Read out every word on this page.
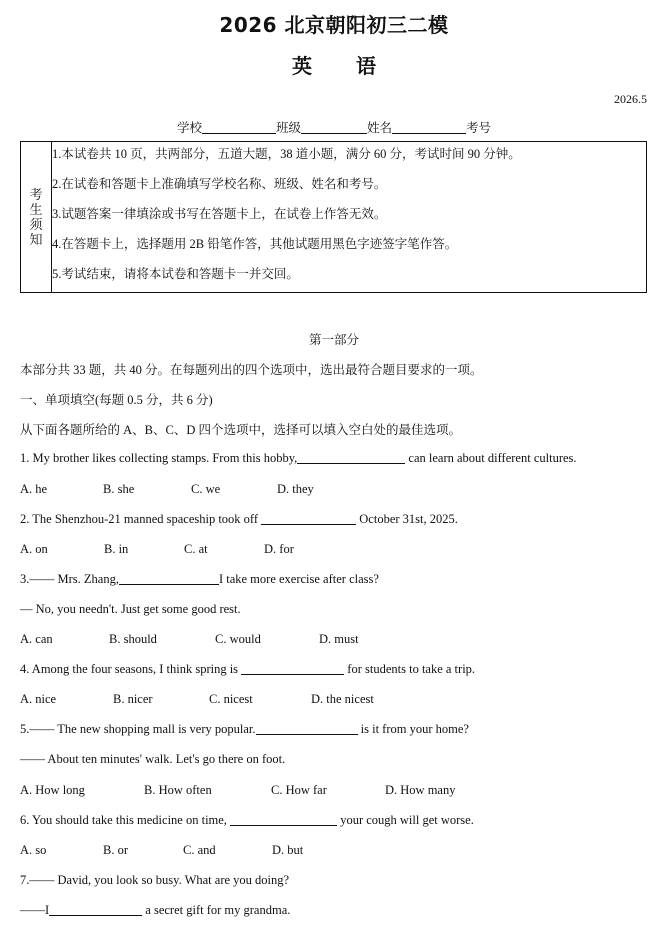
2026 北京朝阳初三二模
英 语
2026.5
学校	班级	姓名	考号
考
生
须
知	
1.本试卷共 10 页，共两部分，五道大题，38 道小题，满分 60 分，考试时间 90 分钟。
2.在试卷和答题卡上准确填写学校名称、班级、姓名和考号。
3.试题答案一律填涂或书写在答题卡上，在试卷上作答无效。
4.在答题卡上，选择题用 2B 铅笔作答，其他试题用黑色字迹签字笔作答。
5.考试结束，请将本试卷和答题卡一并交回。
第一部分
本部分共 33 题，共 40 分。在每题列出的四个选项中，选出最符合题目要求的一项。
一、单项填空(每题 0.5 分，共 6 分)
从下面各题所给的 A、B、C、D 四个选项中，选择可以填入空白处的最佳选项。
1. My brother likes collecting stamps. From this hobby,	can learn about different cultures.
A. he	B. she	C. we	D. they
2. The Shenzhou-21 manned spaceship took off	October 31st, 2025.
A. on	B. in	C. at	D. for
3.—— Mrs. Zhang,	I take more exercise after class?
— No, you needn't. Just get some good rest.
A. can	B. should	C. would	D. must
4. Among the four seasons, I think spring is	for students to take a trip.
A. nice	B. nicer	C. nicest	D. the nicest
5.—— The new shopping mall is very popular.	is it from your home?
—— About ten minutes' walk. Let's go there on foot.
A. How long	B. How often	C. How far	D. How many
6. You should take this medicine on time,	your cough will get worse.
A. so	B. or	C. and	D. but
7.—— David, you look so busy. What are you doing?
——I	a secret gift for my grandma.
